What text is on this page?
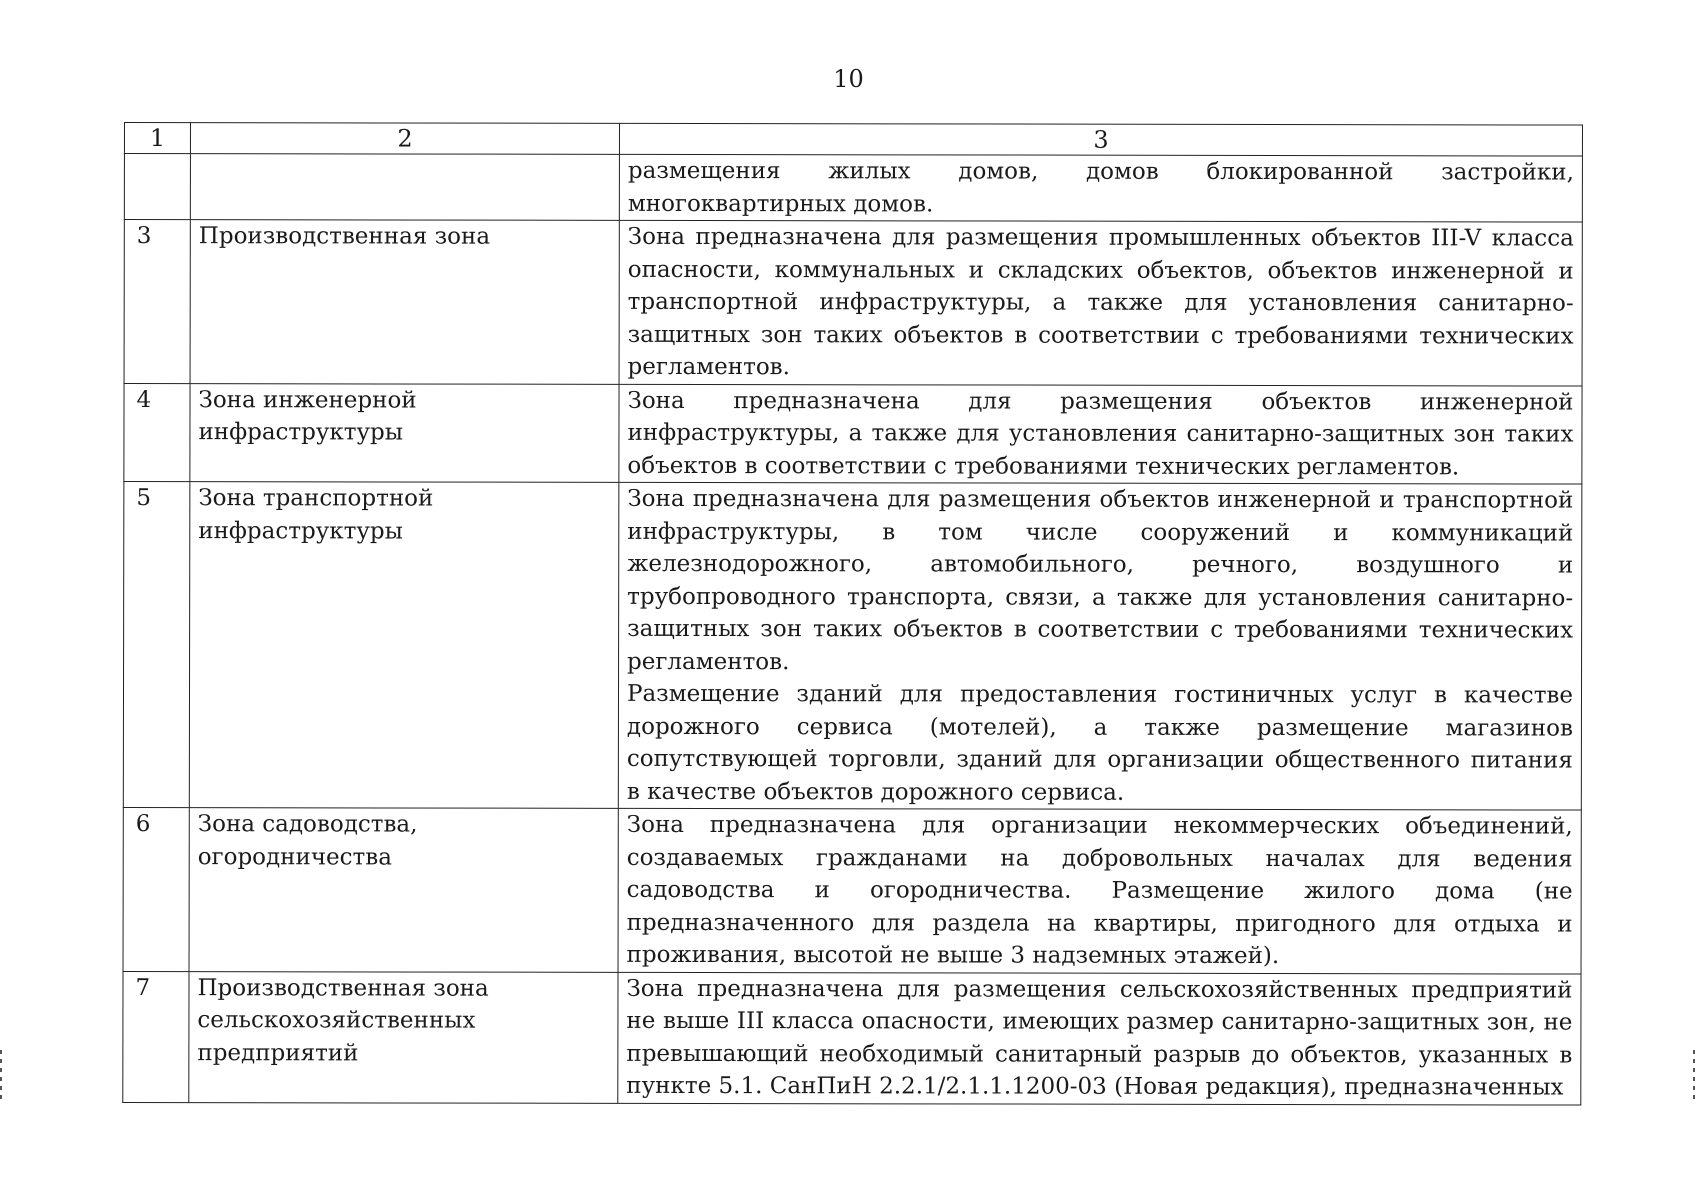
10
1	2	3

		размещения жилых домов, домов блокированной застройки, многоквартирных домов.

3	Производственная зона	Зона предназначена для размещения промышленных объектов III-V класса опасности, коммунальных и складских объектов, объектов инженерной и транспортной инфраструктуры, а также для установления санитарно-защитных зон таких объектов в соответствии с требованиями технических регламентов.

4	Зона инженерной инфраструктуры	Зона предназначена для размещения объектов инженерной инфраструктуры, а также для установления санитарно-защитных зон таких объектов в соответствии с требованиями технических регламентов.

5	Зона транспортной инфраструктуры	Зона предназначена для размещения объектов инженерной и транспортной инфраструктуры, в том числе сооружений и коммуникаций железнодорожного, автомобильного, речного, воздушного и трубопроводного транспорта, связи, а также для установления санитарно-защитных зон таких объектов в соответствии с требованиями технических регламентов.
Размещение зданий для предоставления гостиничных услуг в качестве дорожного сервиса (мотелей), а также размещение магазинов сопутствующей торговли, зданий для организации общественного питания в качестве объектов дорожного сервиса.

6	Зона садоводства, огородничества	Зона предназначена для организации некоммерческих объединений, создаваемых гражданами на добровольных началах для ведения садоводства и огородничества. Размещение жилого дома (не предназначенного для раздела на квартиры, пригодного для отдыха и проживания, высотой не выше 3 надземных этажей).

7	Производственная зона сельскохозяйственных предприятий	Зона предназначена для размещения сельскохозяйственных предприятий не выше III класса опасности, имеющих размер санитарно-защитных зон, не превышающий необходимый санитарный разрыв до объектов, указанных в пункте 5.1. СанПиН 2.2.1/2.1.1.1200-03 (Новая редакция), предназначенных
